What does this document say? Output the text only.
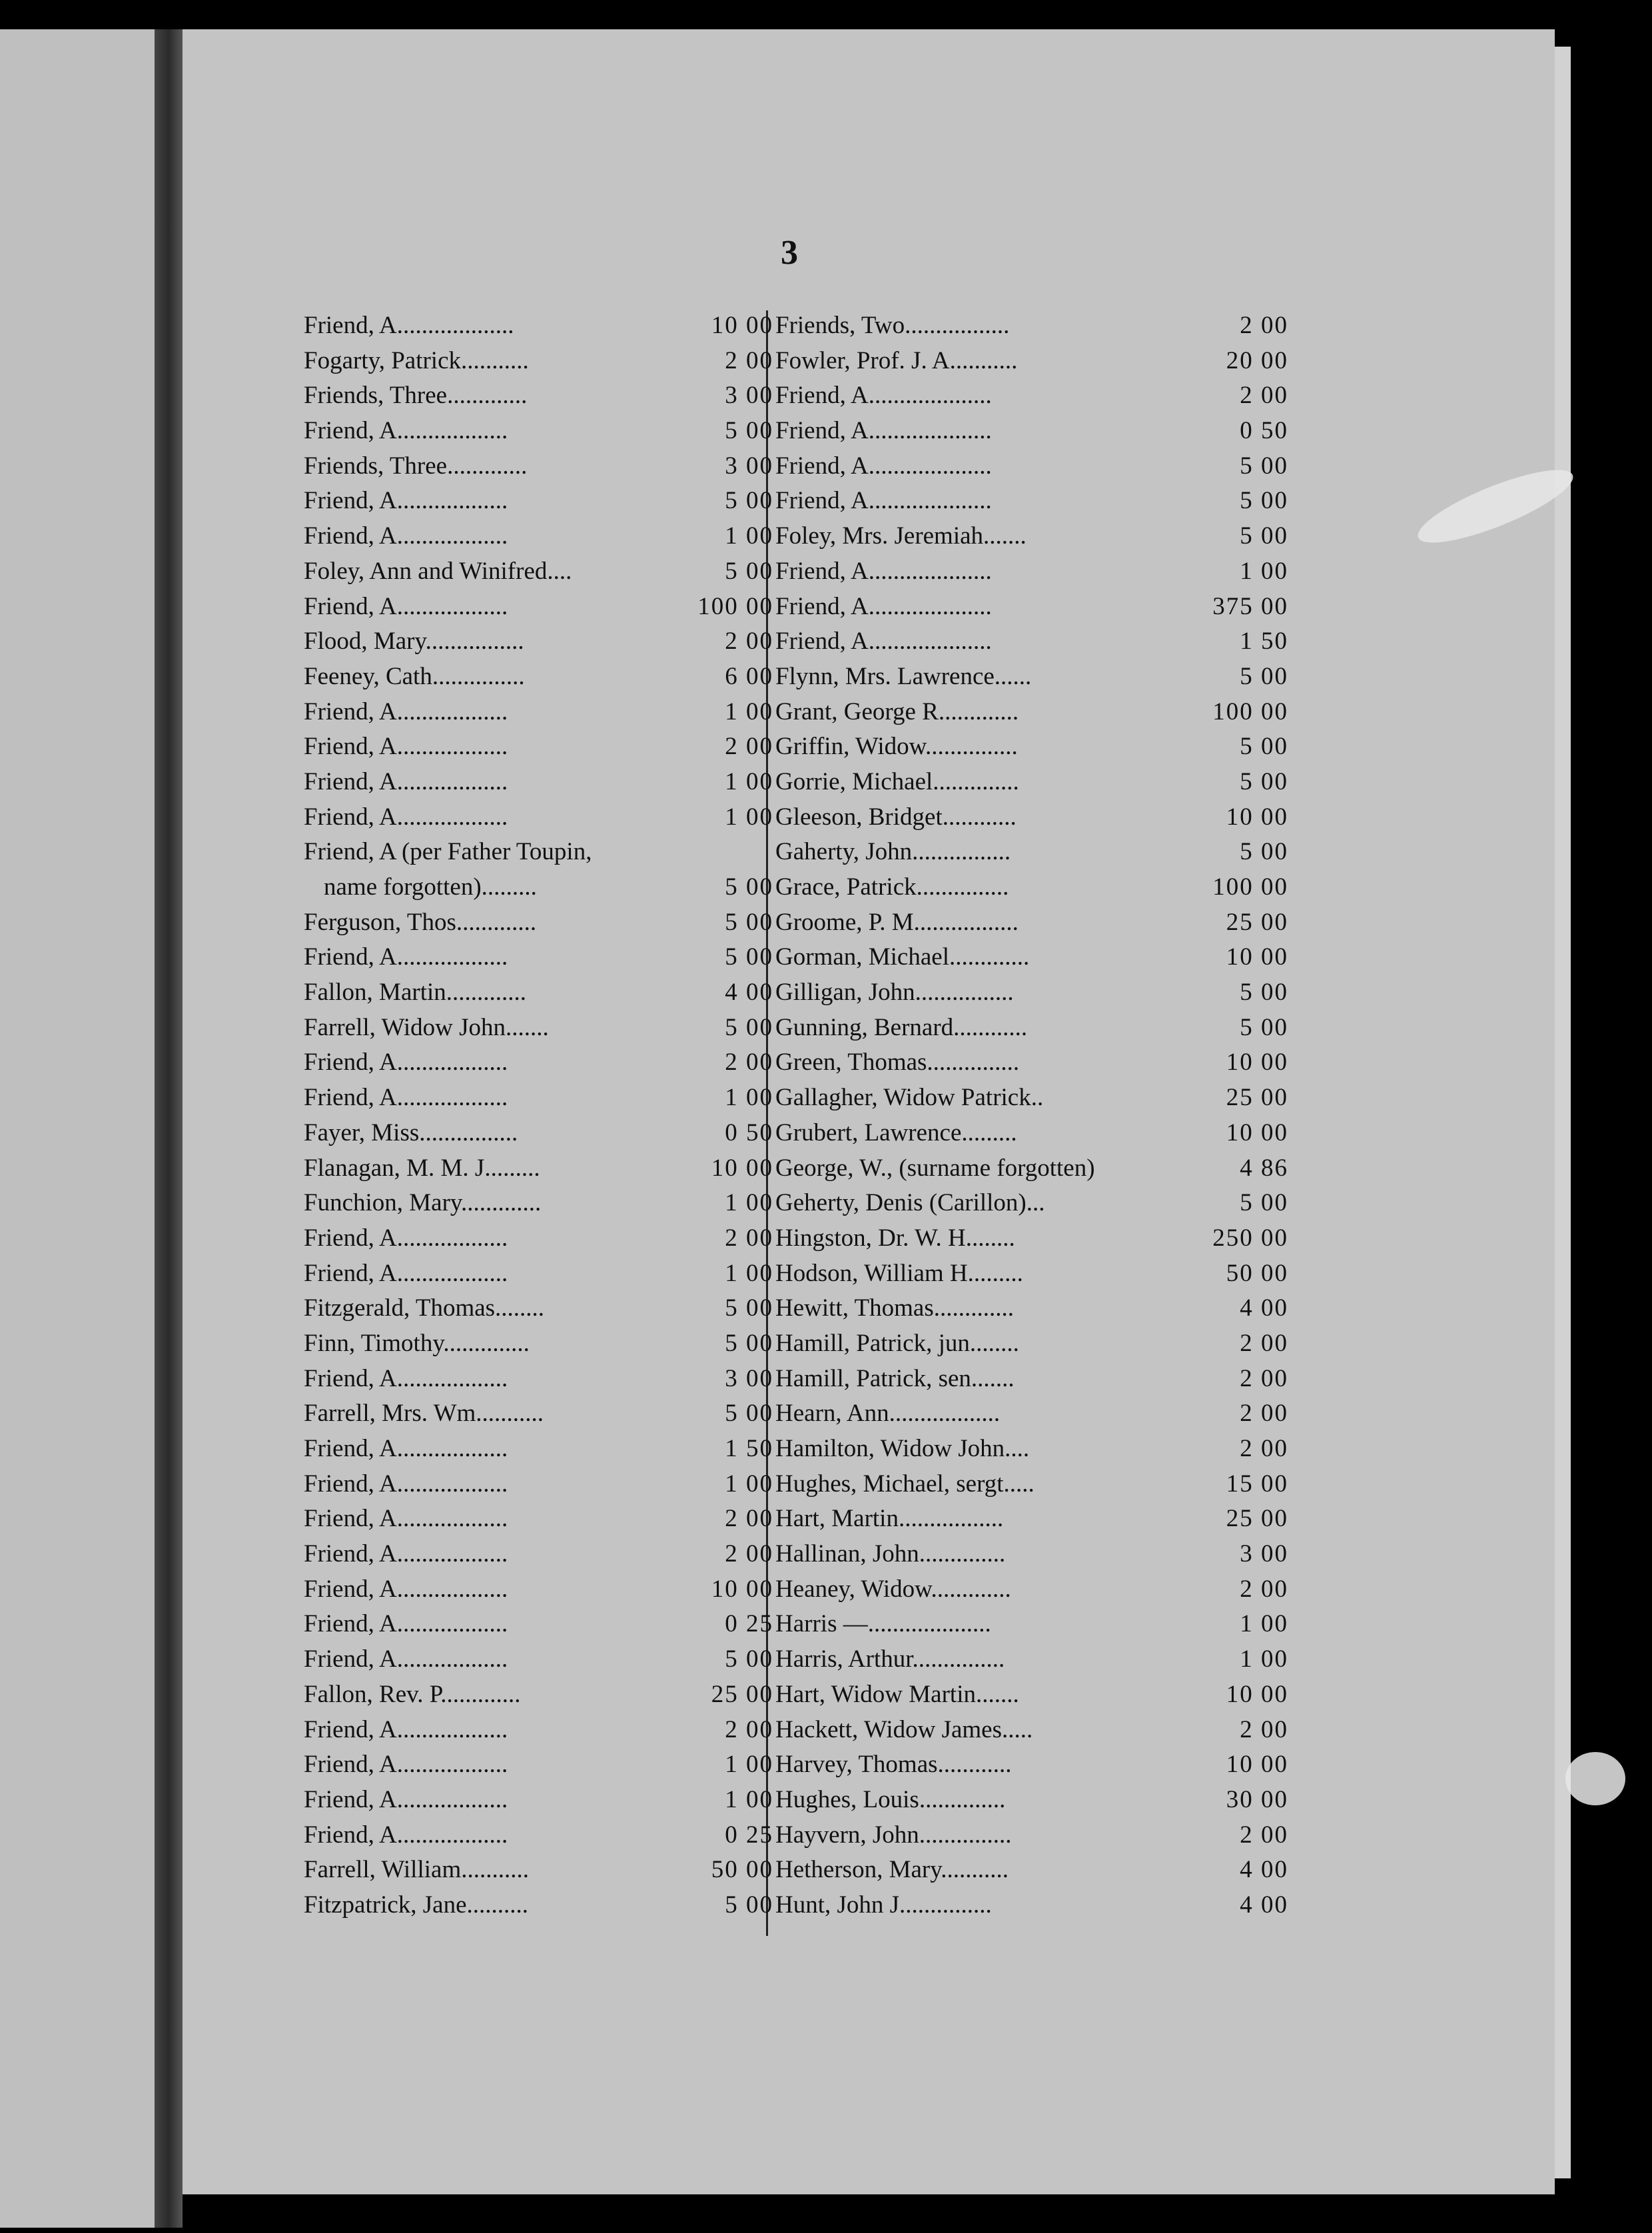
3
Friend, A...................	10 00
Fogarty, Patrick...........	2 00
Friends, Three.............	3 00
Friend, A..................	5 00
Friends, Three.............	3 00
Friend, A..................	5 00
Friend, A..................	1 00
Foley, Ann and Winifred....	5 00
Friend, A..................	100 00
Flood, Mary................	2 00
Feeney, Cath...............	6 00
Friend, A..................	1 00
Friend, A..................	2 00
Friend, A..................	1 00
Friend, A..................	1 00
Friend, A (per Father Toupin,
name forgotten).........	5 00
Ferguson, Thos.............	5 00
Friend, A..................	5 00
Fallon, Martin.............	4 00
Farrell, Widow John.......	5 00
Friend, A..................	2 00
Friend, A..................	1 00
Fayer, Miss................	0 50
Flanagan, M. M. J.........	10 00
Funchion, Mary.............	1 00
Friend, A..................	2 00
Friend, A..................	1 00
Fitzgerald, Thomas........	5 00
Finn, Timothy..............	5 00
Friend, A..................	3 00
Farrell, Mrs. Wm...........	5 00
Friend, A..................	1 50
Friend, A..................	1 00
Friend, A..................	2 00
Friend, A..................	2 00
Friend, A..................	10 00
Friend, A..................	0 25
Friend, A..................	5 00
Fallon, Rev. P.............	25 00
Friend, A..................	2 00
Friend, A..................	1 00
Friend, A..................	1 00
Friend, A..................	0 25
Farrell, William...........	50 00
Fitzpatrick, Jane..........	5 00
Friends, Two.................	2 00
Fowler, Prof. J. A...........	20 00
Friend, A....................	2 00
Friend, A....................	0 50
Friend, A....................	5 00
Friend, A....................	5 00
Foley, Mrs. Jeremiah.......	5 00
Friend, A....................	1 00
Friend, A....................	375 00
Friend, A....................	1 50
Flynn, Mrs. Lawrence......	5 00
Grant, George R.............	100 00
Griffin, Widow...............	5 00
Gorrie, Michael..............	5 00
Gleeson, Bridget............	10 00
Gaherty, John................	5 00
Grace, Patrick...............	100 00
Groome, P. M.................	25 00
Gorman, Michael.............	10 00
Gilligan, John................	5 00
Gunning, Bernard............	5 00
Green, Thomas...............	10 00
Gallagher, Widow Patrick..	25 00
Grubert, Lawrence.........	10 00
George, W., (surname forgotten)	4 86
Geherty, Denis (Carillon)...	5 00
Hingston, Dr. W. H........	250 00
Hodson, William H.........	50 00
Hewitt, Thomas.............	4 00
Hamill, Patrick, jun........	2 00
Hamill, Patrick, sen.......	2 00
Hearn, Ann..................	2 00
Hamilton, Widow John....	2 00
Hughes, Michael, sergt.....	15 00
Hart, Martin.................	25 00
Hallinan, John..............	3 00
Heaney, Widow.............	2 00
Harris —....................	1 00
Harris, Arthur...............	1 00
Hart, Widow Martin.......	10 00
Hackett, Widow James.....	2 00
Harvey, Thomas............	10 00
Hughes, Louis..............	30 00
Hayvern, John...............	2 00
Hetherson, Mary...........	4 00
Hunt, John J...............	4 00
